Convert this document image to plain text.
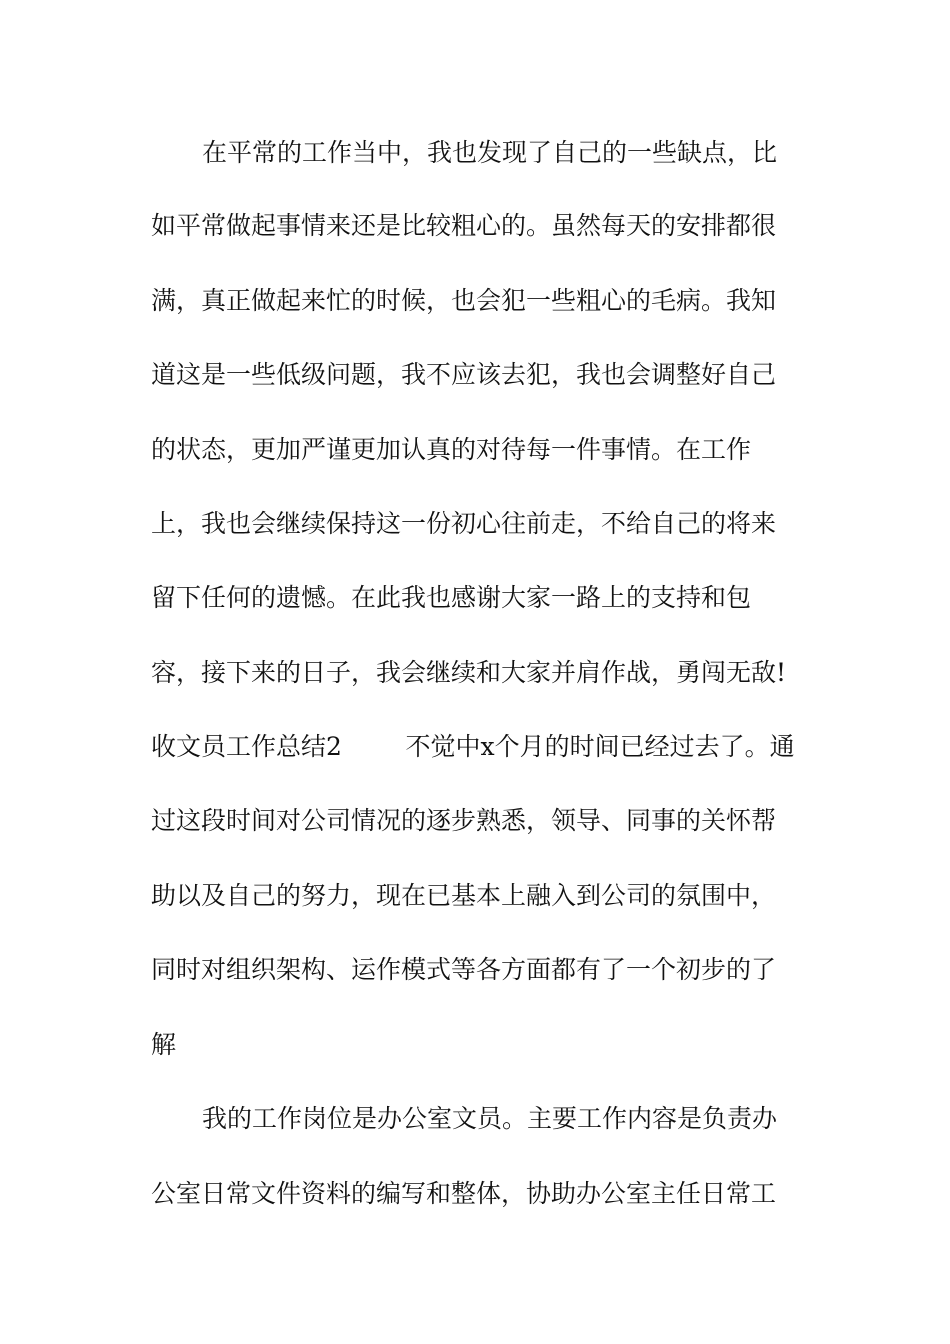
在平常的工作当中，我也发现了自己的一些缺点，比
如平常做起事情来还是比较粗心的。虽然每天的安排都很
满，真正做起来忙的时候，也会犯一些粗心的毛病。我知
道这是一些低级问题，我不应该去犯，我也会调整好自己
的状态，更加严谨更加认真的对待每一件事情。在工作
上，我也会继续保持这一份初心往前走，不给自己的将来
留下任何的遗憾。在此我也感谢大家一路上的支持和包
容，接下来的日子，我会继续和大家并肩作战，勇闯无敌!
收文员工作总结2        不觉中x个月的时间已经过去了。通
过这段时间对公司情况的逐步熟悉，领导、同事的关怀帮
助以及自己的努力，现在已基本上融入到公司的氛围中，
同时对组织架构、运作模式等各方面都有了一个初步的了
解
我的工作岗位是办公室文员。主要工作内容是负责办
公室日常文件资料的编写和整体，协助办公室主任日常工
